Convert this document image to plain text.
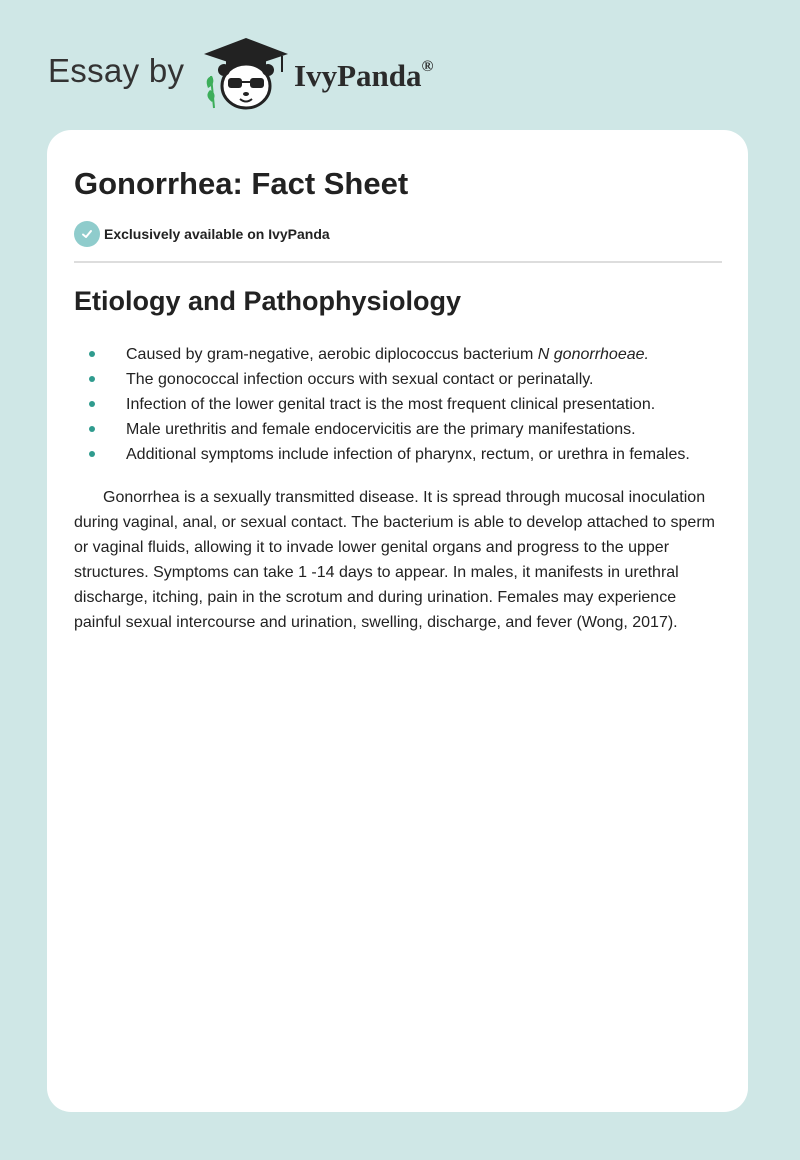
Essay by	IvyPanda®
Gonorrhea: Fact Sheet
Exclusively available on IvyPanda
Etiology and Pathophysiology
Caused by gram-negative, aerobic diplococcus bacterium N gonorrhoeae.
The gonococcal infection occurs with sexual contact or perinatally.
Infection of the lower genital tract is the most frequent clinical presentation.
Male urethritis and female endocervicitis are the primary manifestations.
Additional symptoms include infection of pharynx, rectum, or urethra in females.

Gonorrhea is a sexually transmitted disease. It is spread through mucosal inoculation during vaginal, anal, or sexual contact. The bacterium is able to develop attached to sperm or vaginal fluids, allowing it to invade lower genital organs and progress to the upper structures. Symptoms can take 1 -14 days to appear. In males, it manifests in urethral discharge, itching, pain in the scrotum and during urination. Females may experience painful sexual intercourse and urination, swelling, discharge, and fever (Wong, 2017).
